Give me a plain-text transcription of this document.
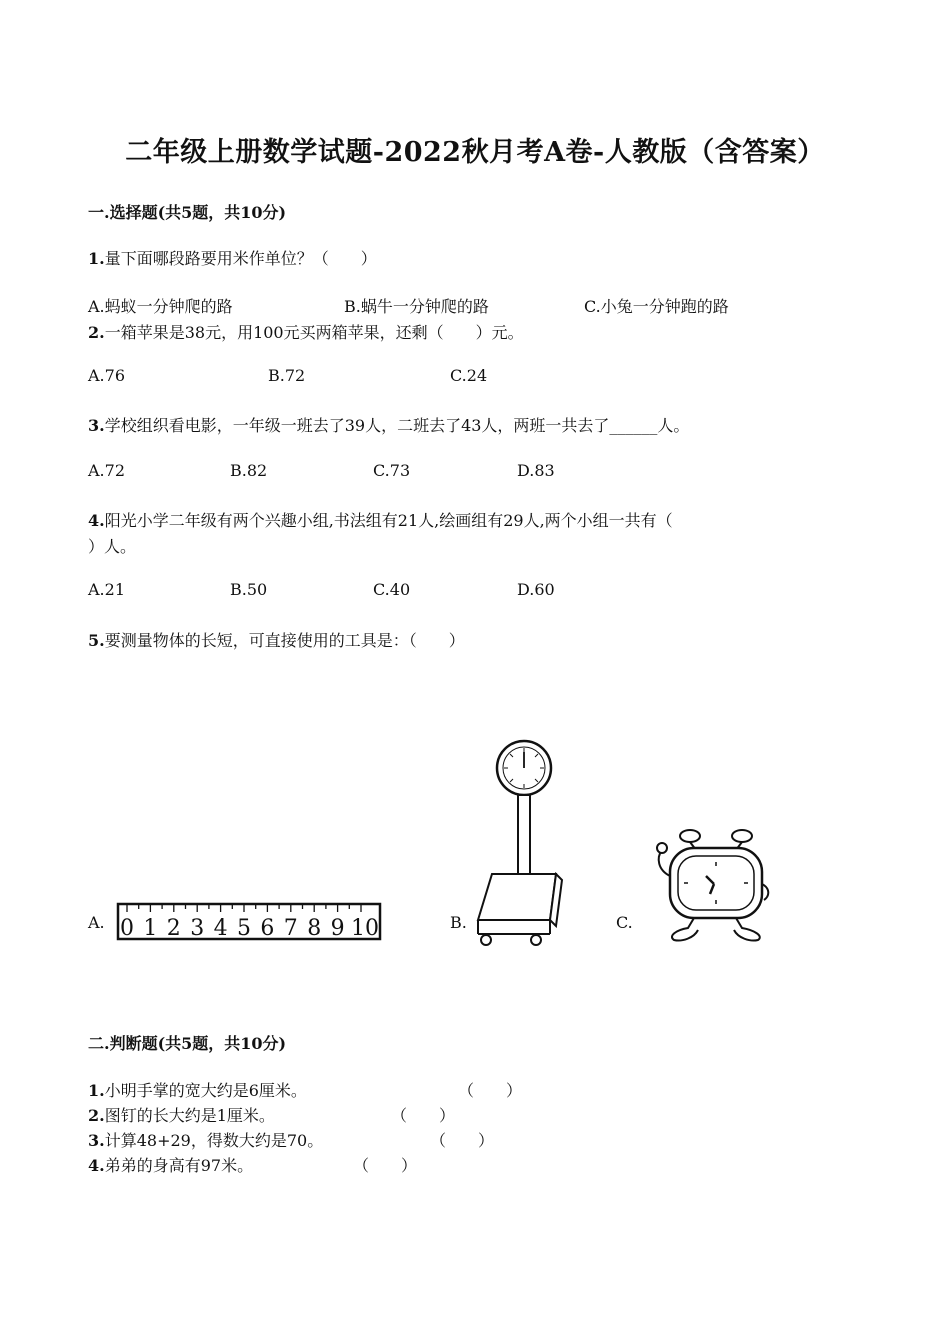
二年级上册数学试题-2022秋月考A卷-人教版（含答案）
一.选择题(共5题，共10分)
1.量下面哪段路要用米作单位？（　　）
A.蚂蚁一分钟爬的路	B.蜗牛一分钟爬的路	C.小兔一分钟跑的路
2.一箱苹果是38元，用100元买两箱苹果，还剩（　　）元。
A.76	B.72	C.24
3.学校组织看电影，一年级一班去了39人，二班去了43人，两班一共去了______人。
A.72	B.82	C.73	D.83
4.阳光小学二年级有两个兴趣小组,书法组有21人,绘画组有29人,两个小组一共有（
）人。
A.21	B.50	C.40	D.60
5.要测量物体的长短，可直接使用的工具是：（　　）
A.	B.	C.
0 1 2 3 4 5 6 7 8 9 10
二.判断题(共5题，共10分)
1.小明手掌的宽大约是6厘米。	（　　）
2.图钉的长大约是1厘米。	（　　）
3.计算48+29，得数大约是70。	（　　）
4.弟弟的身高有97米。	（　　）
